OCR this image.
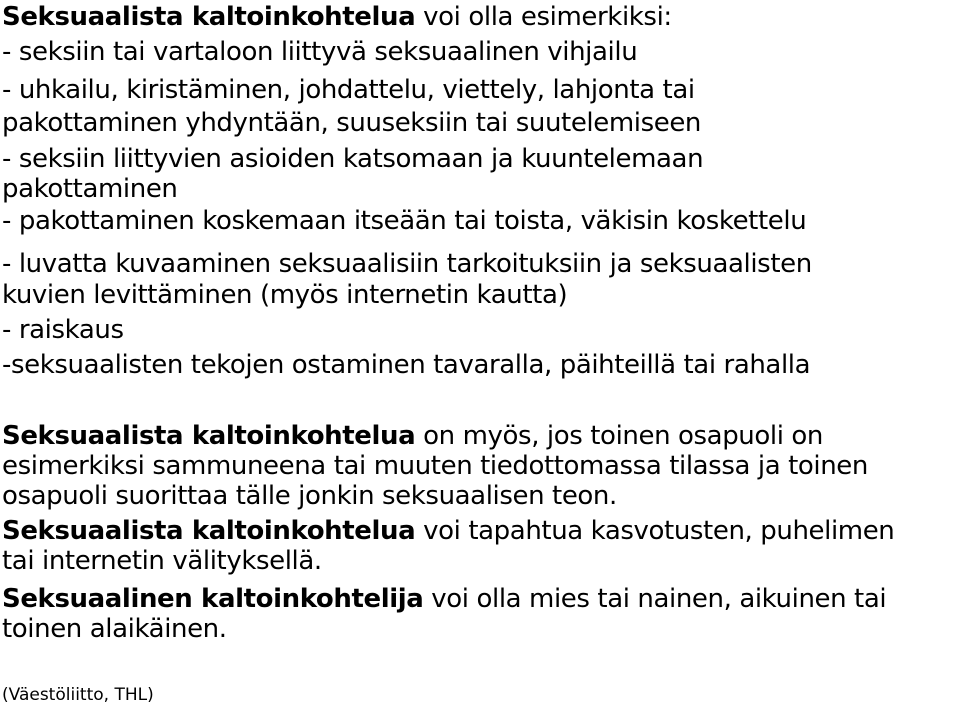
Seksuaalista kaltoinkohtelua voi olla esimerkiksi:
- seksiin tai vartaloon liittyvä seksuaalinen vihjailu
- uhkailu, kiristäminen, johdattelu, viettely, lahjonta tai
pakottaminen yhdyntään, suuseksiin tai suutelemiseen
- seksiin liittyvien asioiden katsomaan ja kuuntelemaan
pakottaminen
- pakottaminen koskemaan itseään tai toista, väkisin koskettelu
- luvatta kuvaaminen seksuaalisiin tarkoituksiin ja seksuaalisten
kuvien levittäminen (myös internetin kautta)
- raiskaus
-seksuaalisten tekojen ostaminen tavaralla, päihteillä tai rahalla
Seksuaalista kaltoinkohtelua on myös, jos toinen osapuoli on
esimerkiksi sammuneena tai muuten tiedottomassa tilassa ja toinen
osapuoli suorittaa tälle jonkin seksuaalisen teon.
Seksuaalista kaltoinkohtelua voi tapahtua kasvotusten, puhelimen
tai internetin välityksellä.
Seksuaalinen kaltoinkohtelija voi olla mies tai nainen, aikuinen tai
toinen alaikäinen.
(Väestöliitto, THL)
